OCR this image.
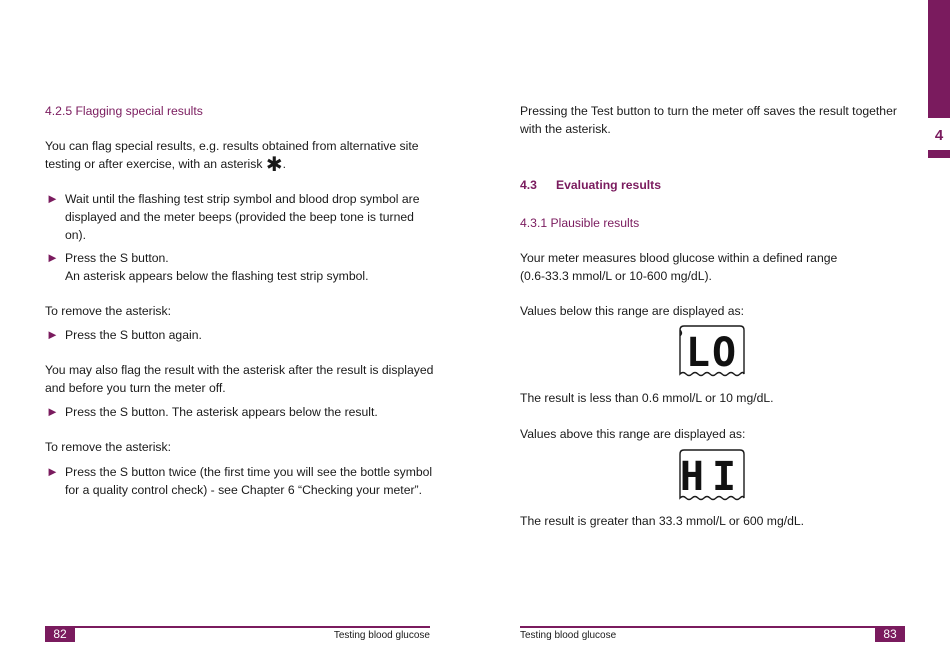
4

4.2.5 Flagging special results

You can flag special results, e.g. results obtained from alternative site
testing or after exercise, with an asterisk ✱.

► Wait until the flashing test strip symbol and blood drop symbol are displayed and the meter beeps (provided the beep tone is turned on).
► Press the S button.
An asterisk appears below the flashing test strip symbol.

To remove the asterisk:

► Press the S button again.

You may also flag the result with the asterisk after the result is displayed and before you turn the meter off.

► Press the S button. The asterisk appears below the result.

To remove the asterisk:

► Press the S button twice (the first time you will see the bottle symbol for a quality control check) - see Chapter 6 “Checking your meter”.
82	Testing blood glucose

Pressing the Test button to turn the meter off saves the result together with the asterisk.

4.3 Evaluating results

4.3.1 Plausible results

Your meter measures blood glucose within a defined range
(0.6-33.3 mmol/L or 10-600 mg/dL).

Values below this range are displayed as:

LO

The result is less than 0.6 mmol/L or 10 mg/dL.

Values above this range are displayed as:

HI

The result is greater than 33.3 mmol/L or 600 mg/dL.

Testing blood glucose	83
